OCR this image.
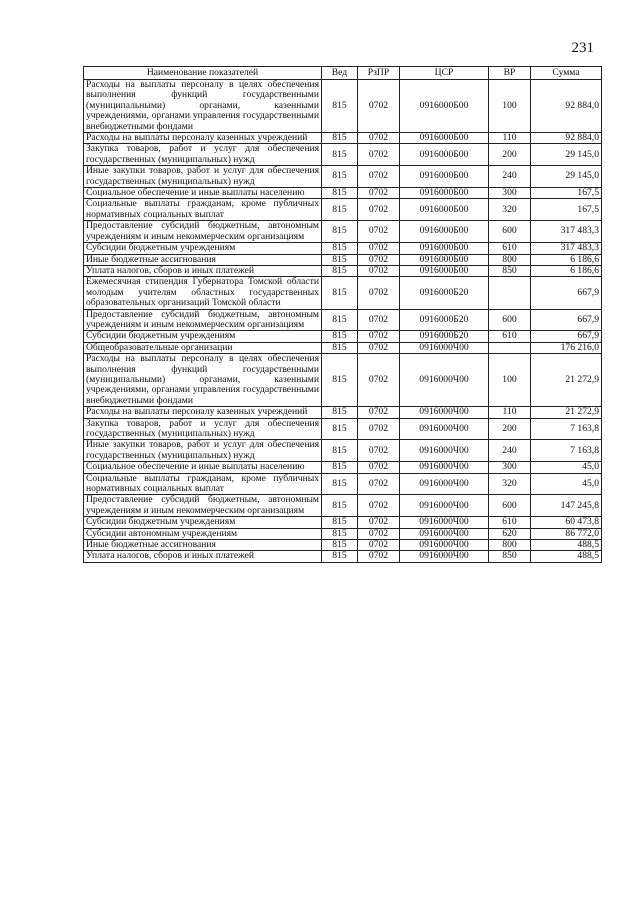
231
Наименование показателей	Вед	РзПР	ЦСР	ВР	Сумма
Расходы на выплаты персоналу в целях обеспечения выполнения функций государственными (муниципальными) органами, казенными учреждениями, органами управления государственными внебюджетными фондами	815	0702	0916000Б00	100	92 884,0
Расходы на выплаты персоналу казенных учреждений	815	0702	0916000Б00	110	92 884,0
Закупка товаров, работ и услуг для обеспечения государственных (муниципальных) нужд	815	0702	0916000Б00	200	29 145,0
Иные закупки товаров, работ и услуг для обеспечения государственных (муниципальных) нужд	815	0702	0916000Б00	240	29 145,0
Социальное обеспечение и иные выплаты населению	815	0702	0916000Б00	300	167,5
Социальные выплаты гражданам, кроме публичных нормативных социальных выплат	815	0702	0916000Б00	320	167,5
Предоставление субсидий бюджетным, автономным учреждениям и иным некоммерческим организациям	815	0702	0916000Б00	600	317 483,3
Субсидии бюджетным учреждениям	815	0702	0916000Б00	610	317 483,3
Иные бюджетные ассигнования	815	0702	0916000Б00	800	6 186,6
Уплата налогов, сборов и иных платежей	815	0702	0916000Б00	850	6 186,6
Ежемесячная стипендия Губернатора Томской области молодым учителям областных государственных образовательных организаций Томской области	815	0702	0916000Б20		667,9
Предоставление субсидий бюджетным, автономным учреждениям и иным некоммерческим организациям	815	0702	0916000Б20	600	667,9
Субсидии бюджетным учреждениям	815	0702	0916000Б20	610	667,9
Общеобразовательные организации	815	0702	0916000Ч00		176 216,0
Расходы на выплаты персоналу в целях обеспечения выполнения функций государственными (муниципальными) органами, казенными учреждениями, органами управления государственными внебюджетными фондами	815	0702	0916000Ч00	100	21 272,9
Расходы на выплаты персоналу казенных учреждений	815	0702	0916000Ч00	110	21 272,9
Закупка товаров, работ и услуг для обеспечения государственных (муниципальных) нужд	815	0702	0916000Ч00	200	7 163,8
Иные закупки товаров, работ и услуг для обеспечения государственных (муниципальных) нужд	815	0702	0916000Ч00	240	7 163,8
Социальное обеспечение и иные выплаты населению	815	0702	0916000Ч00	300	45,0
Социальные выплаты гражданам, кроме публичных нормативных социальных выплат	815	0702	0916000Ч00	320	45,0
Предоставление субсидий бюджетным, автономным учреждениям и иным некоммерческим организациям	815	0702	0916000Ч00	600	147 245,8
Субсидии бюджетным учреждениям	815	0702	0916000Ч00	610	60 473,8
Субсидии автономным учреждениям	815	0702	0916000Ч00	620	86 772,0
Иные бюджетные ассигнования	815	0702	0916000Ч00	800	488,5
Уплата налогов, сборов и иных платежей	815	0702	0916000Ч00	850	488,5
